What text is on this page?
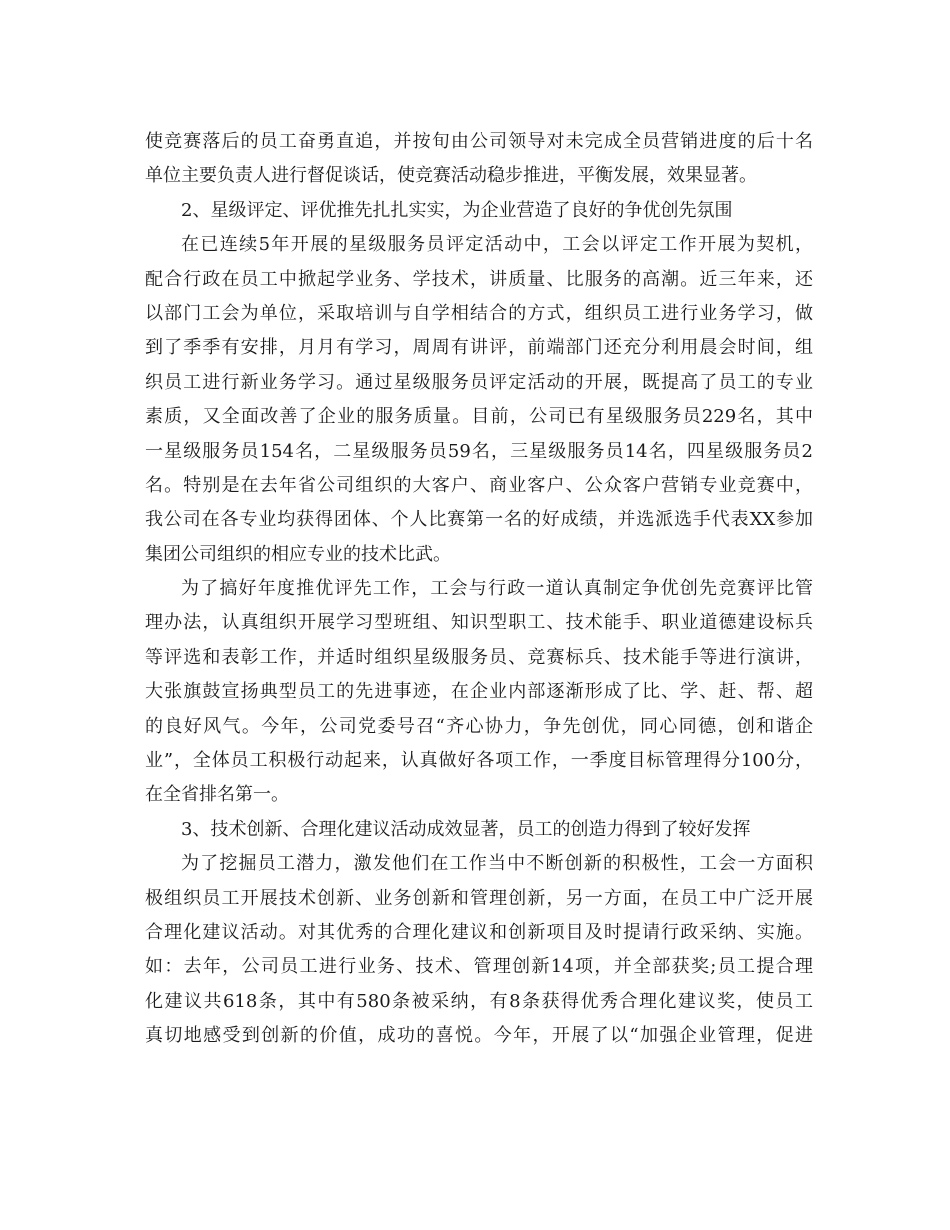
使竞赛落后的员工奋勇直追，并按旬由公司领导对未完成全员营销进度的后十名
单位主要负责人进行督促谈话，使竞赛活动稳步推进，平衡发展，效果显著。
2、星级评定、评优推先扎扎实实，为企业营造了良好的争优创先氛围
在已连续5年开展的星级服务员评定活动中，工会以评定工作开展为契机，
配合行政在员工中掀起学业务、学技术，讲质量、比服务的高潮。近三年来，还
以部门工会为单位，采取培训与自学相结合的方式，组织员工进行业务学习，做
到了季季有安排，月月有学习，周周有讲评，前端部门还充分利用晨会时间，组
织员工进行新业务学习。通过星级服务员评定活动的开展，既提高了员工的专业
素质，又全面改善了企业的服务质量。目前，公司已有星级服务员229名，其中
一星级服务员154名，二星级服务员59名，三星级服务员14名，四星级服务员2
名。特别是在去年省公司组织的大客户、商业客户、公众客户营销专业竞赛中，
我公司在各专业均获得团体、个人比赛第一名的好成绩，并选派选手代表XX参加
集团公司组织的相应专业的技术比武。
为了搞好年度推优评先工作，工会与行政一道认真制定争优创先竞赛评比管
理办法，认真组织开展学习型班组、知识型职工、技术能手、职业道德建设标兵
等评选和表彰工作，并适时组织星级服务员、竞赛标兵、技术能手等进行演讲，
大张旗鼓宣扬典型员工的先进事迹，在企业内部逐渐形成了比、学、赶、帮、超
的良好风气。今年，公司党委号召“齐心协力，争先创优，同心同德，创和谐企
业”，全体员工积极行动起来，认真做好各项工作，一季度目标管理得分100分，
在全省排名第一。
3、技术创新、合理化建议活动成效显著，员工的创造力得到了较好发挥
为了挖掘员工潜力，激发他们在工作当中不断创新的积极性，工会一方面积
极组织员工开展技术创新、业务创新和管理创新，另一方面，在员工中广泛开展
合理化建议活动。对其优秀的合理化建议和创新项目及时提请行政采纳、实施。
如：去年，公司员工进行业务、技术、管理创新14项，并全部获奖;员工提合理
化建议共618条，其中有580条被采纳，有8条获得优秀合理化建议奖，使员工
真切地感受到创新的价值，成功的喜悦。今年，开展了以“加强企业管理，促进
